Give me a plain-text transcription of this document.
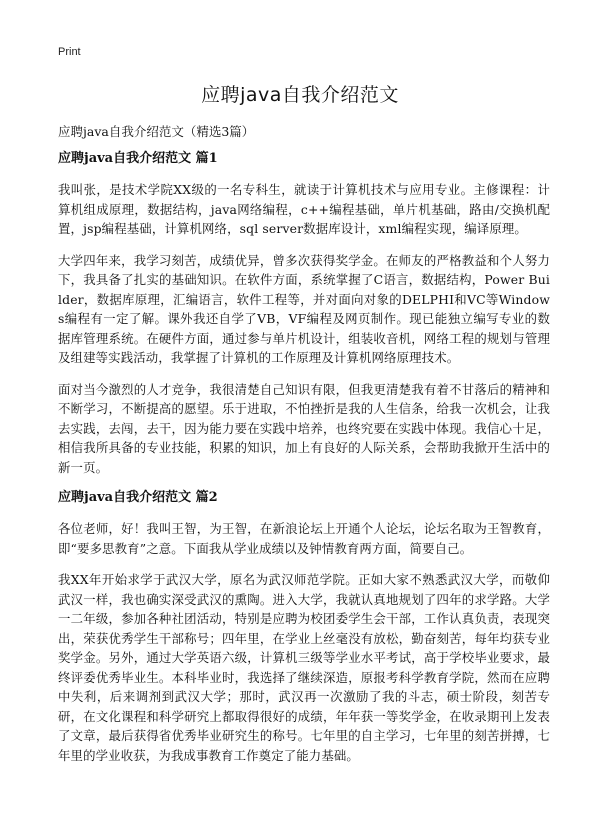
Print
应聘java自我介绍范文
应聘java自我介绍范文（精选3篇）
应聘java自我介绍范文 篇1

我叫张，是技术学院XX级的一名专科生，就读于计算机技术与应用专业。主修课程：计算机组成原理，数据结构，java网络编程，c++编程基础，单片机基础，路由/交换机配置，jsp编程基础，计算机网络，sql server数据库设计，xml编程实现，编译原理。

大学四年来，我学习刻苦，成绩优异，曾多次获得奖学金。在师友的严格教益和个人努力下，我具备了扎实的基础知识。在软件方面，系统掌握了C语言，数据结构，Power Builder，数据库原理，汇编语言，软件工程等，并对面向对象的DELPHI和VC等Windows编程有一定了解。课外我还自学了VB，VF编程及网页制作。现已能独立编写专业的数据库管理系统。在硬件方面，通过参与单片机设计，组装收音机，网络工程的规划与管理及组建等实践活动，我掌握了计算机的工作原理及计算机网络原理技术。

面对当今激烈的人才竞争，我很清楚自己知识有限，但我更清楚我有着不甘落后的精神和不断学习，不断提高的愿望。乐于进取，不怕挫折是我的人生信条，给我一次机会，让我去实践，去闯，去干，因为能力要在实践中培养，也终究要在实践中体现。我信心十足，相信我所具备的专业技能，积累的知识，加上有良好的人际关系，会帮助我掀开生活中的新一页。

应聘java自我介绍范文 篇2

各位老师，好！我叫王智，为王智，在新浪论坛上开通个人论坛，论坛名取为王智教育，即“要多思教育”之意。下面我从学业成绩以及钟情教育两方面，简要自己。

我XX年开始求学于武汉大学，原名为武汉师范学院。正如大家不熟悉武汉大学，而敬仰武汉一样，我也确实深受武汉的熏陶。进入大学，我就认真地规划了四年的求学路。大学一二年级，参加各种社团活动，特别是应聘为校团委学生会干部，工作认真负责，表现突出，荣获优秀学生干部称号；四年里，在学业上丝毫没有放松，勤奋刻苦，每年均获专业奖学金。另外，通过大学英语六级，计算机三级等学业水平考试，高于学校毕业要求，最终评委优秀毕业生。本科毕业时，我选择了继续深造，原报考科学教育学院，然而在应聘中失利，后来调剂到武汉大学；那时，武汉再一次激励了我的斗志，硕士阶段，刻苦专研，在文化课程和科学研究上都取得很好的成绩，年年获一等奖学金，在收录期刊上发表了文章，最后获得省优秀毕业研究生的称号。七年里的自主学习，七年里的刻苦拼搏，七年里的学业收获，为我成事教育工作奠定了能力基础。
